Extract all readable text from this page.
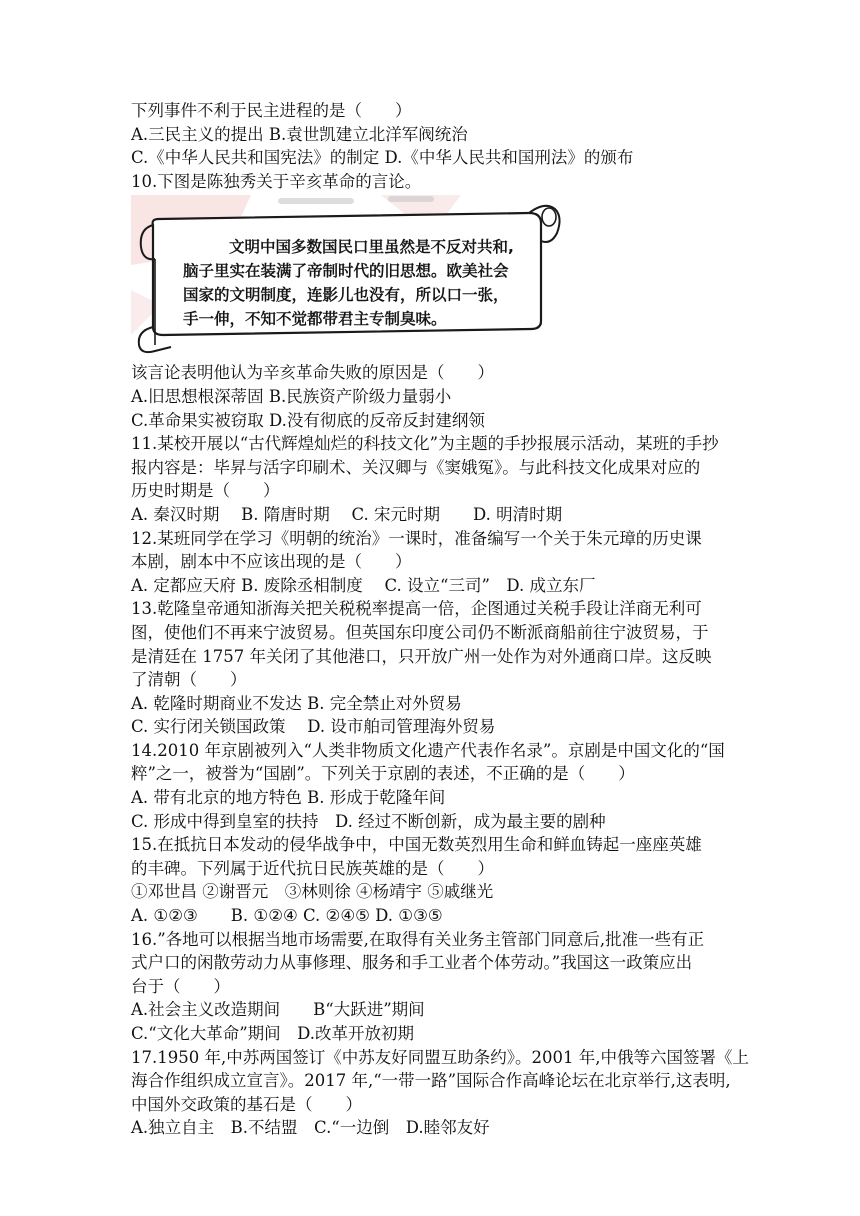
下列事件不利于民主进程的是（　　）
A.三民主义的提出 B.袁世凯建立北洋军阀统治
C.《中华人民共和国宪法》的制定 D.《中华人民共和国刑法》的颁布
10.下图是陈独秀关于辛亥革命的言论。
文明中国多数国民口里虽然是不反对共和,
脑子里实在装满了帝制时代的旧思想。欧美社会
国家的文明制度，连影儿也没有，所以口一张，
手一伸，不知不觉都带君主专制臭味。
该言论表明他认为辛亥革命失败的原因是（　　）
A.旧思想根深蒂固 B.民族资产阶级力量弱小
C.革命果实被窃取 D.没有彻底的反帝反封建纲领
11.某校开展以“古代辉煌灿烂的科技文化”为主题的手抄报展示活动，某班的手抄
报内容是：毕昇与活字印刷术、关汉卿与《窦娥冤》。与此科技文化成果对应的
历史时期是（　　）
A. 秦汉时期　 B. 隋唐时期　 C. 宋元时期　　D. 明清时期
12.某班同学在学习《明朝的统治》一课时，准备编写一个关于朱元璋的历史课
本剧，剧本中不应该出现的是（　　）
A. 定都应天府 B. 废除丞相制度　 C. 设立“三司”　D. 成立东厂
13.乾隆皇帝通知浙海关把关税税率提高一倍，企图通过关税手段让洋商无利可
图，使他们不再来宁波贸易。但英国东印度公司仍不断派商船前往宁波贸易，于
是清廷在 1757 年关闭了其他港口，只开放广州一处作为对外通商口岸。这反映
了清朝（　　）
A. 乾隆时期商业不发达 B. 完全禁止对外贸易
C. 实行闭关锁国政策　 D. 设市舶司管理海外贸易
14.2010 年京剧被列入“人类非物质文化遗产代表作名录”。京剧是中国文化的“国
粹”之一，被誉为“国剧”。下列关于京剧的表述，不正确的是（　　）
A. 带有北京的地方特色 B. 形成于乾隆年间
C. 形成中得到皇室的扶持　D. 经过不断创新，成为最主要的剧种
15.在抵抗日本发动的侵华战争中，中国无数英烈用生命和鲜血铸起一座座英雄
的丰碑。下列属于近代抗日民族英雄的是（　　）
①邓世昌 ②谢晋元　③林则徐 ④杨靖宇 ⑤戚继光
A. ①②③　　B. ①②④ C. ②④⑤ D. ①③⑤
16.”各地可以根据当地市场需要,在取得有关业务主管部门同意后,批准一些有正
式户口的闲散劳动力从事修理、服务和手工业者个体劳动。”我国这一政策应出
台于（　　）
A.社会主义改造期间　　B“大跃进”期间
C.“文化大革命”期间　D.改革开放初期
17.1950 年,中苏两国签订《中苏友好同盟互助条约》。2001 年,中俄等六国签署《上
海合作组织成立宣言》。2017 年,“一带一路”国际合作高峰论坛在北京举行,这表明,
中国外交政策的基石是（　　）
A.独立自主　B.不结盟　C.“一边倒　D.睦邻友好
